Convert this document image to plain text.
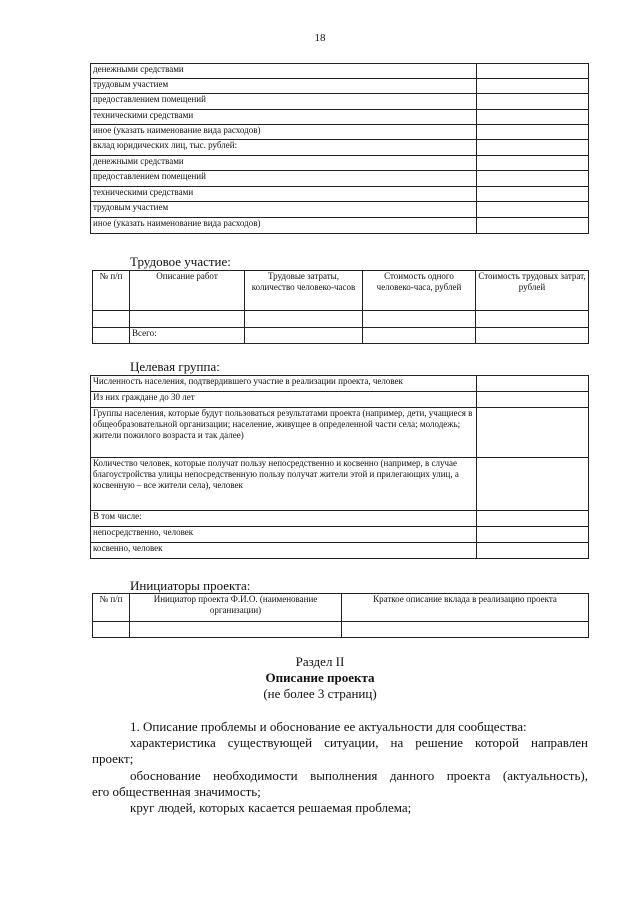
18
денежными средствами	
трудовым участием	
предоставлением помещений	
техническими средствами	
иное (указать наименование вида расходов)	
вклад юридических лиц, тыс. рублей:	
денежными средствами	
предоставлением помещений	
техническими средствами	
трудовым участием	
иное (указать наименование вида расходов)	
Трудовое участие:
№ п/п	Описание работ	Трудовые затраты, количество человеко-часов	Стоимость одного человеко-часа, рублей	Стоимость трудовых затрат, рублей

	Всего:			
Целевая группа:
Численность населения, подтвердившего участие в реализации проекта, человек	
Из них граждане до 30 лет	
Группы населения, которые будут пользоваться результатами проекта (например, дети, учащиеся в общеобразовательной организации; население, живущее в определенной части села; молодежь; жители пожилого возраста и так далее)	
Количество человек, которые получат пользу непосредственно и косвенно (например, в случае благоустройства улицы непосредственную пользу получат жители этой и прилегающих улиц, а косвенную – все жители села), человек	
В том числе:	
непосредственно, человек	
косвенно, человек	
Инициаторы проекта:
№ п/п	Инициатор проекта Ф.И.О. (наименование организации)	Краткое описание вклада в реализацию проекта

Раздел II
Описание проекта
(не более 3 страниц)
1. Описание проблемы и обоснование ее актуальности для сообщества:
характеристика существующей ситуации, на решение которой направлен
проект;
обоснование необходимости выполнения данного проекта (актуальность),
его общественная значимость;
круг людей, которых касается решаемая проблема;
